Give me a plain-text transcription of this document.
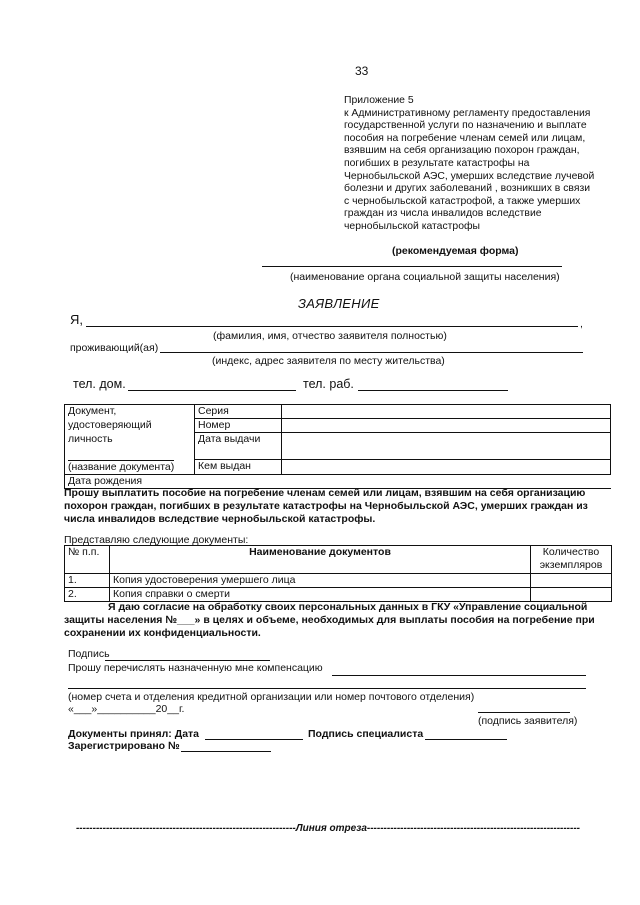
33
Приложение 5
к Административному регламенту предоставления
государственной услуги по назначению и выплате
пособия на погребение членам семей или лицам,
взявшим на себя организацию похорон граждан,
погибших в результате катастрофы на
Чернобыльской АЭС, умерших вследствие лучевой
болезни и других заболеваний , возникших в связи
с чернобыльской катастрофой, а также умерших
граждан из числа инвалидов вследствие
чернобыльской катастрофы
(рекомендуемая форма)
(наименование органа социальной защиты населения)
ЗАЯВЛЕНИЕ
Я,	,
(фамилия, имя, отчество заявителя полностью)
проживающий(ая)
(индекс, адрес заявителя по месту жительства)
тел. дом.	тел. раб.
Документ,	Серия	
удостоверяющий	Номер	
личность	Дата выдачи	
(название документа)	Кем выдан	
Дата рождения		
Прошу выплатить пособие на погребение членам семей или лицам, взявшим на себя организацию похорон граждан, погибших в результате катастрофы на Чернобыльской АЭС, умерших граждан из числа инвалидов вследствие чернобыльской катастрофы.
Представляю следующие документы:
№ п.п.	Наименование документов	Количество
экземпляров

1.	Копия удостоверения умершего лица	
2.	Копия справки о смерти	
Я даю согласие на обработку своих персональных данных в ГКУ «Управление социальной защиты населения №___» в целях и объеме, необходимых для выплаты пособия на погребение при сохранении их конфиденциальности.
Подпись
Прошу перечислять назначенную мне компенсацию
(номер счета и отделения кредитной организации или номер почтового отделения)
«___»__________20__г.
(подпись заявителя)
Документы принял: Дата	Подпись специалиста
Зарегистрировано №
------------------------------------------------------------------Линия отреза----------------------------------------------------------------
